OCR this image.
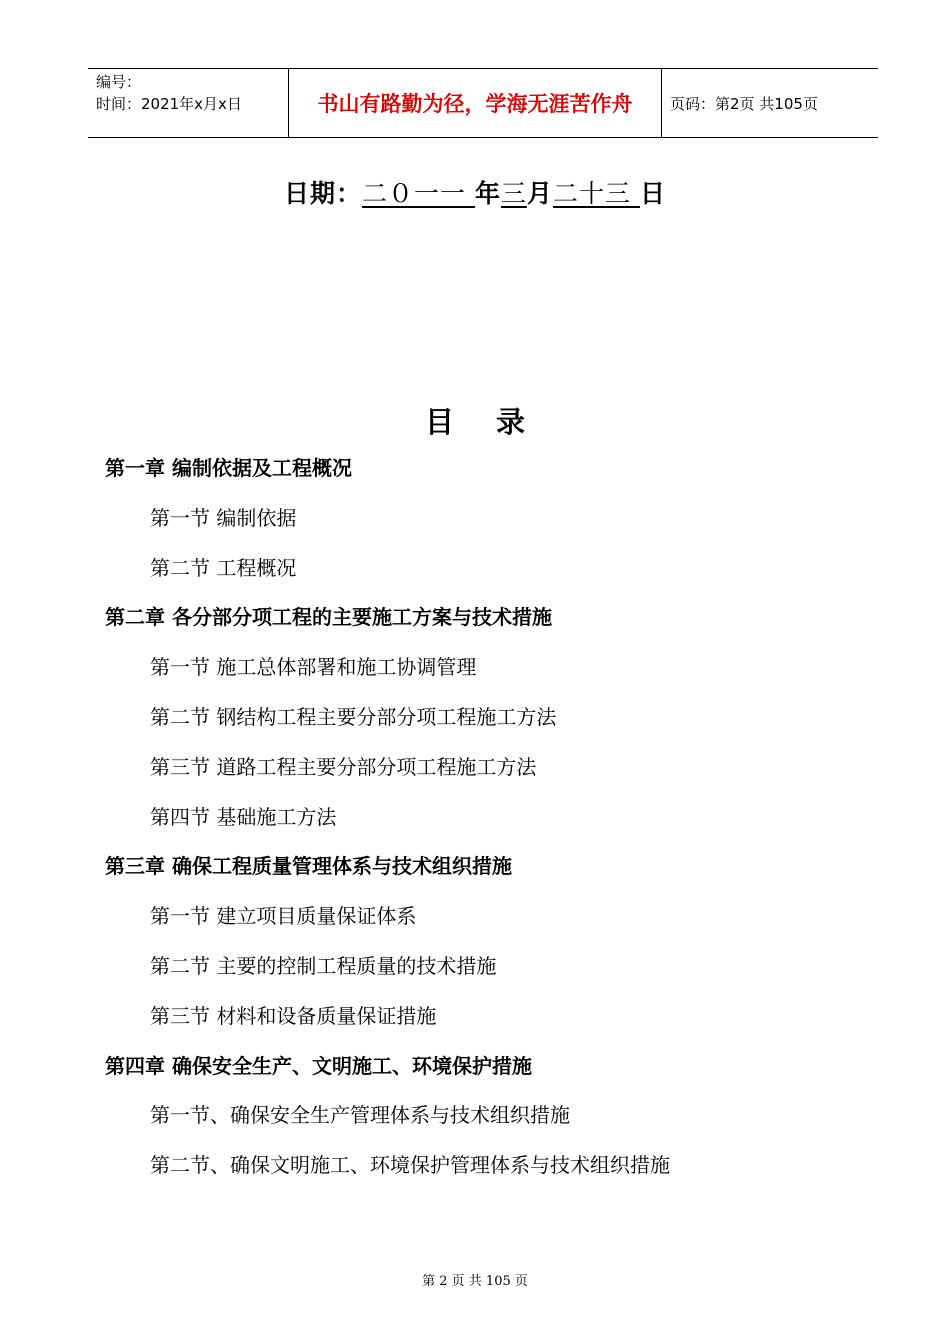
编号：
时间：2021年x月x日	书山有路勤为径，学海无涯苦作舟	页码：第2页 共105页
日期：二０一一 年三月二十三 日
目 录
第一章 编制依据及工程概况
第一节 编制依据
第二节 工程概况
第二章 各分部分项工程的主要施工方案与技术措施
第一节 施工总体部署和施工协调管理
第二节 钢结构工程主要分部分项工程施工方法
第三节 道路工程主要分部分项工程施工方法
第四节 基础施工方法
第三章 确保工程质量管理体系与技术组织措施
第一节 建立项目质量保证体系
第二节 主要的控制工程质量的技术措施
第三节 材料和设备质量保证措施
第四章 确保安全生产、文明施工、环境保护措施
第一节、确保安全生产管理体系与技术组织措施
第二节、确保文明施工、环境保护管理体系与技术组织措施
第 2 页 共 105 页
